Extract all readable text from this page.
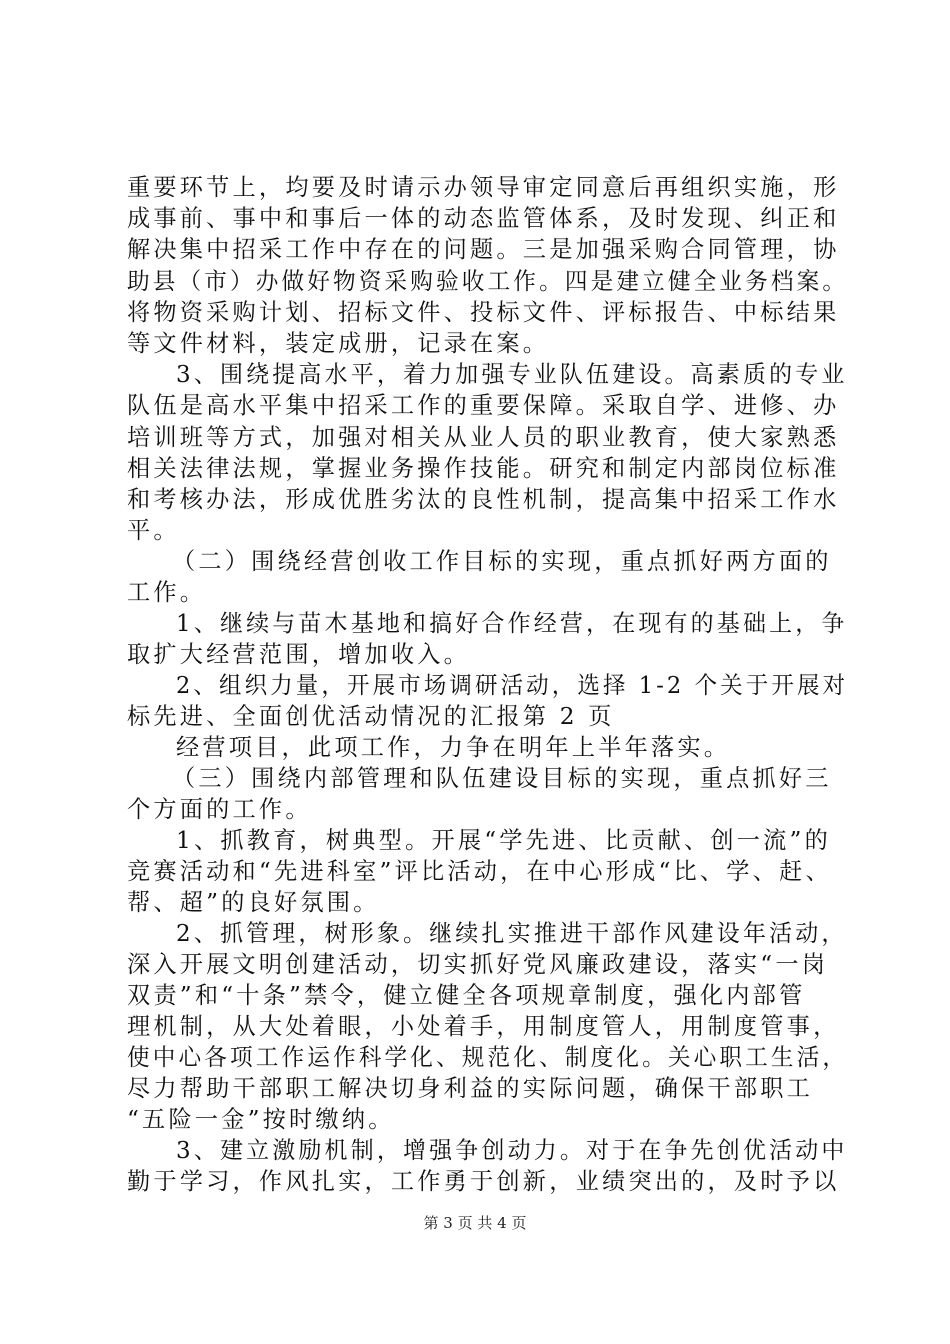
重要环节上，均要及时请示办领导审定同意后再组织实施，形
成事前、事中和事后一体的动态监管体系，及时发现、纠正和
解决集中招采工作中存在的问题。三是加强采购合同管理，协
助县（市）办做好物资采购验收工作。四是建立健全业务档案。
将物资采购计划、招标文件、投标文件、评标报告、中标结果
等文件材料，装定成册，记录在案。
3、围绕提高水平，着力加强专业队伍建设。高素质的专业
队伍是高水平集中招采工作的重要保障。采取自学、进修、办
培训班等方式，加强对相关从业人员的职业教育，使大家熟悉
相关法律法规，掌握业务操作技能。研究和制定内部岗位标准
和考核办法，形成优胜劣汰的良性机制，提高集中招采工作水
平。
（二）围绕经营创收工作目标的实现，重点抓好两方面的
工作。
1、继续与苗木基地和搞好合作经营，在现有的基础上，争
取扩大经营范围，增加收入。
2、组织力量，开展市场调研活动，选择 1-2 个关于开展对
标先进、全面创优活动情况的汇报第 2 页
经营项目，此项工作，力争在明年上半年落实。
（三）围绕内部管理和队伍建设目标的实现，重点抓好三
个方面的工作。
1、抓教育，树典型。开展“学先进、比贡献、创一流”的
竞赛活动和“先进科室”评比活动，在中心形成“比、学、赶、
帮、超”的良好氛围。
2、抓管理，树形象。继续扎实推进干部作风建设年活动，
深入开展文明创建活动，切实抓好党风廉政建设，落实“一岗
双责”和“十条”禁令，健立健全各项规章制度，强化内部管
理机制，从大处着眼，小处着手，用制度管人，用制度管事，
使中心各项工作运作科学化、规范化、制度化。关心职工生活，
尽力帮助干部职工解决切身利益的实际问题，确保干部职工
“五险一金”按时缴纳。
3、建立激励机制，增强争创动力。对于在争先创优活动中
勤于学习，作风扎实，工作勇于创新，业绩突出的，及时予以
第 3 页 共 4 页
